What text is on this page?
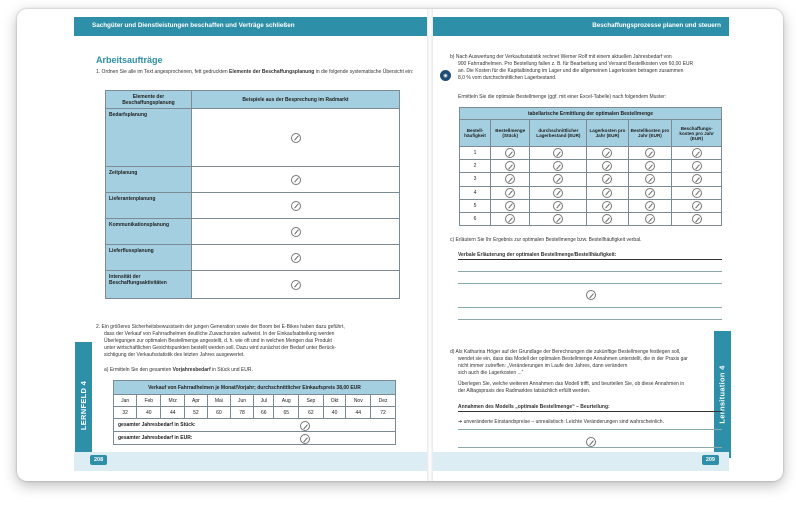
Sachgüter und Dienstleistungen beschaffen und Verträge schließen	Beschaffungsprozesse planen und steuern
LERNFELD 4	Lernsituation 4
208	209
Arbeitsaufträge
1. Ordnen Sie alle im Text angesprochenen, fett gedruckten Elemente der Beschaffungsplanung in die folgende systematische Übersicht ein:
Elemente der Beschaffungsplanung	Beispiele aus der Besprechung im Radmarkt
Bedarfsplanung	
Zeitplanung	
Lieferantenplanung	
Kommunikationsplanung	
Lieferflussplanung	
Intensität der Beschaffungsaktivitäten	
2. Ein größeres Sicherheitsbewusstsein der jungen Generation sowie der Boom bei E-Bikes haben dazu geführt,
dass der Verkauf von Fahrradhelmen deutliche Zuwachsraten aufweist. In der Einkaufsabteilung werden
Überlegungen zur optimalen Bestellmenge angestellt, d. h. wie oft und in welchen Mengen das Produkt
unter wirtschaftlichen Gesichtspunkten bestellt werden soll. Dazu wird zunächst der Bedarf unter Berück-
sichtigung der Verkaufsstatistik des letzten Jahres ausgewertet.
a) Ermitteln Sie den gesamten Vorjahresbedarf in Stück und EUR.
Verkauf von Fahrradhelmen je Monat/Vorjahr; durchschnittlicher Einkaufspreis 38,00 EUR											
Jan	Feb	Mrz	Apr	Mai	Jun	Jul	Aug	Sep	Okt	Nov	Dez
32	40	44	52	60	78	66	65	62	40	44	72
gesamter Jahresbedarf in Stück:											

gesamter Jahresbedarf in EUR:											
◉
b) Nach Auswertung der Verkaufsstatistik rechnet Werner Rolf mit einem aktuellen Jahresbedarf von
900 Fahrradhelmen. Pro Bestellung fallen z. B. für Bearbeitung und Versand Bestellkosten von 60,00 EUR
an. Die Kosten für die Kapitalbindung im Lager und die allgemeinen Lagerkosten betragen zusammen
8,0 % vom durchschnittlichen Lagerbestand.
Ermitteln Sie die optimale Bestellmenge (ggf. mit einer Excel-Tabelle) nach folgendem Muster:
tabellarische Ermittlung der optimalen Bestellmenge					
Bestell-häufigkeit	Bestellmenge (Stück)	durchschnittlicher Lagerbestand (EUR)	Lagerkosten pro Jahr (EUR)	Bestellkosten pro Jahr (EUR)	Beschaffungs-kosten pro Jahr (EUR)
1					
2					
3					
4					
5					
6					
c) Erläutern Sie Ihr Ergebnis zur optimalen Bestellmenge bzw. Bestellhäufigkeit verbal.
Verbale Erläuterung der optimalen Bestellmenge/Bestellhäufigkeit:
d) Als Katharina Höger auf der Grundlage der Berechnungen die zukünftige Bestellmenge festlegen soll,
wendet sie ein, dass das Modell der optimalen Bestellmenge Annahmen unterstellt, die in der Praxis gar
nicht immer zutreffen: „Veränderungen im Laufe des Jahres, dann verändern
sich auch die Lagerkosten ...“
Überlegen Sie, welche weiteren Annahmen das Modell trifft, und beurteilen Sie, ob diese Annahmen in
der Alltagspraxis des Radmarktes tatsächlich erfüllt werden.
Annahmen des Modells „optimale Bestellmenge“ – Beurteilung:
➔ unveränderte Einstandspreise – unrealistisch: Leichte Veränderungen sind wahrscheinlich.
